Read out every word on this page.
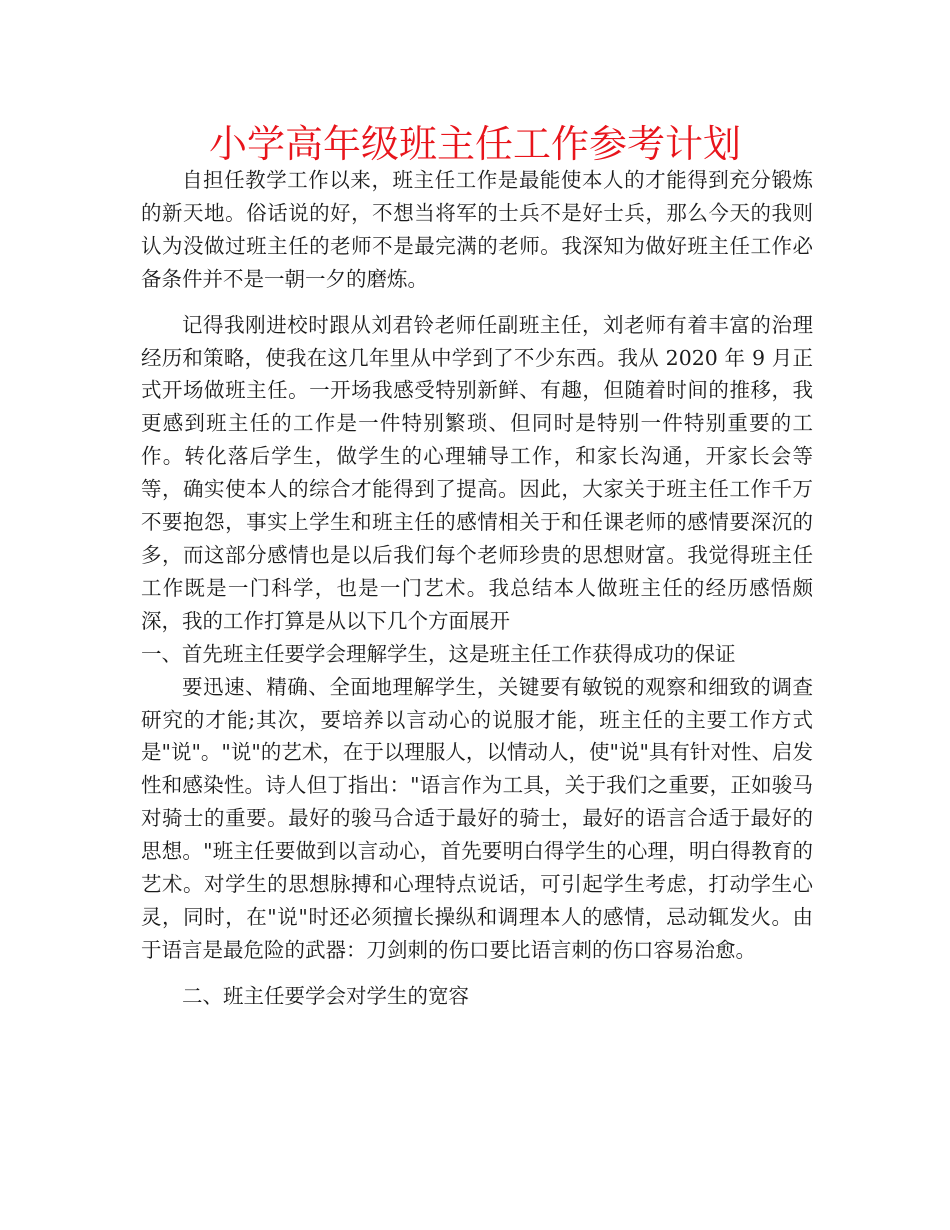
小学高年级班主任工作参考计划

自担任教学工作以来，班主任工作是最能使本人的才能得到充分锻炼的新天地。俗话说的好，不想当将军的士兵不是好士兵，那么今天的我则认为没做过班主任的老师不是最完满的老师。我深知为做好班主任工作必备条件并不是一朝一夕的磨炼。

记得我刚进校时跟从刘君铃老师任副班主任，刘老师有着丰富的治理经历和策略，使我在这几年里从中学到了不少东西。我从 2020 年 9 月正式开场做班主任。一开场我感受特别新鲜、有趣，但随着时间的推移，我更感到班主任的工作是一件特别繁琐、但同时是特别一件特别重要的工作。转化落后学生，做学生的心理辅导工作，和家长沟通，开家长会等等，确实使本人的综合才能得到了提高。因此，大家关于班主任工作千万不要抱怨，事实上学生和班主任的感情相关于和任课老师的感情要深沉的多，而这部分感情也是以后我们每个老师珍贵的思想财富。我觉得班主任工作既是一门科学，也是一门艺术。我总结本人做班主任的经历感悟颇深，我的工作打算是从以下几个方面展开

一、首先班主任要学会理解学生，这是班主任工作获得成功的保证

要迅速、精确、全面地理解学生，关键要有敏锐的观察和细致的调查研究的才能;其次，要培养以言动心的说服才能，班主任的主要工作方式是"说"。"说"的艺术，在于以理服人，以情动人，使"说"具有针对性、启发性和感染性。诗人但丁指出："语言作为工具，关于我们之重要，正如骏马对骑士的重要。最好的骏马合适于最好的骑士，最好的语言合适于最好的思想。"班主任要做到以言动心，首先要明白得学生的心理，明白得教育的艺术。对学生的思想脉搏和心理特点说话，可引起学生考虑，打动学生心灵，同时，在"说"时还必须擅长操纵和调理本人的感情，忌动辄发火。由于语言是最危险的武器：刀剑刺的伤口要比语言刺的伤口容易治愈。

二、班主任要学会对学生的宽容
